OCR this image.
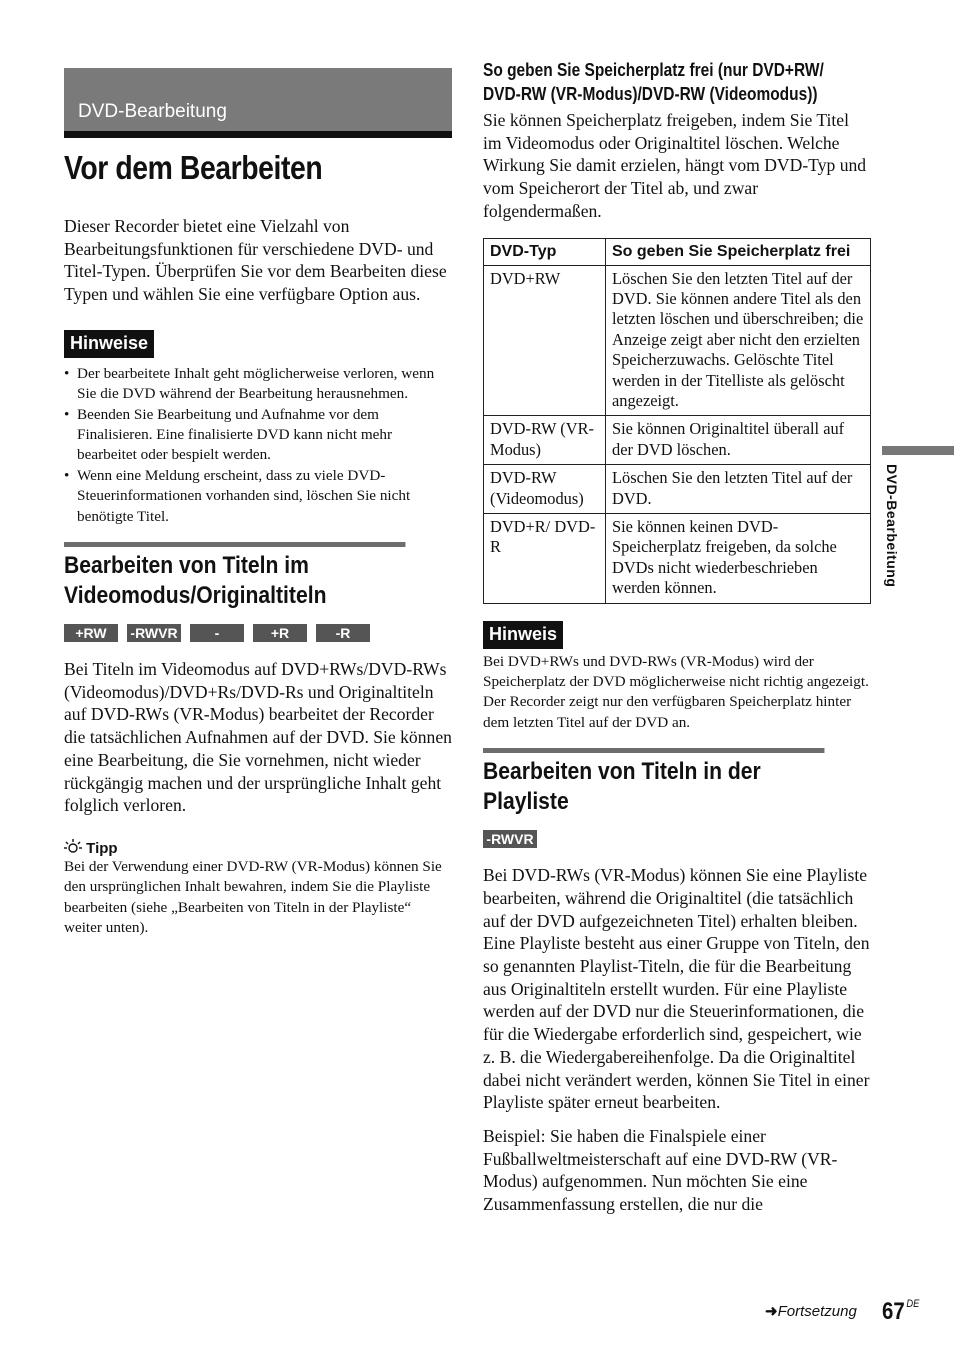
DVD-Bearbeitung
Vor dem Bearbeiten

Dieser Recorder bietet eine Vielzahl von Bearbeitungsfunktionen für verschiedene DVD- und Titel-Typen. Überprüfen Sie vor dem Bearbeiten diese Typen und wählen Sie eine verfügbare Option aus.

Hinweise
• Der bearbeitete Inhalt geht möglicherweise verloren, wenn Sie die DVD während der Bearbeitung herausnehmen.
• Beenden Sie Bearbeitung und Aufnahme vor dem Finalisieren. Eine finalisierte DVD kann nicht mehr bearbeitet oder bespielt werden.
• Wenn eine Meldung erscheint, dass zu viele DVD-Steuerinformationen vorhanden sind, löschen Sie nicht benötigte Titel.
Bearbeiten von Titeln im
Videomodus/Originaltiteln
+RW	-RWVR	-RWVideo
+R	-R

Bei Titeln im Videomodus auf DVD+RWs/DVD-RWs (Videomodus)/DVD+Rs/DVD-Rs und Originaltiteln auf DVD-RWs (VR-Modus) bearbeitet der Recorder die tatsächlichen Aufnahmen auf der DVD. Sie können eine Bearbeitung, die Sie vornehmen, nicht wieder rückgängig machen und der ursprüngliche Inhalt geht folglich verloren.

Tipp

Bei der Verwendung einer DVD-RW (VR-Modus) können Sie den ursprünglichen Inhalt bewahren, indem Sie die Playliste bearbeiten (siehe „Bearbeiten von Titeln in der Playliste“ weiter unten).

So geben Sie Speicherplatz frei (nur DVD+RW/
DVD-RW (VR-Modus)/DVD-RW (Videomodus))

Sie können Speicherplatz freigeben, indem Sie Titel im Videomodus oder Originaltitel löschen. Welche Wirkung Sie damit erzielen, hängt vom DVD-Typ und vom Speicherort der Titel ab, und zwar folgendermaßen.

DVD-Typ	So geben Sie Speicherplatz frei
DVD+RW	Löschen Sie den letzten Titel auf der DVD. Sie können andere Titel als den letzten löschen und überschreiben; die Anzeige zeigt aber nicht den erzielten Speicherzuwachs. Gelöschte Titel werden in der Titelliste als gelöscht angezeigt.
DVD-RW (VR-Modus)	Sie können Originaltitel überall auf der DVD löschen.
DVD-RW (Videomodus)	Löschen Sie den letzten Titel auf der DVD.
DVD+R/ DVD-R	Sie können keinen DVD-Speicherplatz freigeben, da solche DVDs nicht wiederbeschrieben werden können.
Hinweis

Bei DVD+RWs und DVD-RWs (VR-Modus) wird der Speicherplatz der DVD möglicherweise nicht richtig angezeigt. Der Recorder zeigt nur den verfügbaren Speicherplatz hinter dem letzten Titel auf der DVD an.

Bearbeiten von Titeln in der
Playliste
-RWVR

Bei DVD-RWs (VR-Modus) können Sie eine Playliste bearbeiten, während die Originaltitel (die tatsächlich auf der DVD aufgezeichneten Titel) erhalten bleiben. Eine Playliste besteht aus einer Gruppe von Titeln, den so genannten Playlist-Titeln, die für die Bearbeitung aus Originaltiteln erstellt wurden. Für eine Playliste werden auf der DVD nur die Steuerinformationen, die für die Wiedergabe erforderlich sind, gespeichert, wie z. B. die Wiedergabereihenfolge. Da die Originaltitel dabei nicht verändert werden, können Sie Titel in einer Playliste später erneut bearbeiten.

Beispiel: Sie haben die Finalspiele einer Fußballweltmeisterschaft auf eine DVD-RW (VR-Modus) aufgenommen. Nun möchten Sie eine Zusammenfassung erstellen, die nur die

DVD-Bearbeitung
➜Fortsetzung 67 $^{DE}$
